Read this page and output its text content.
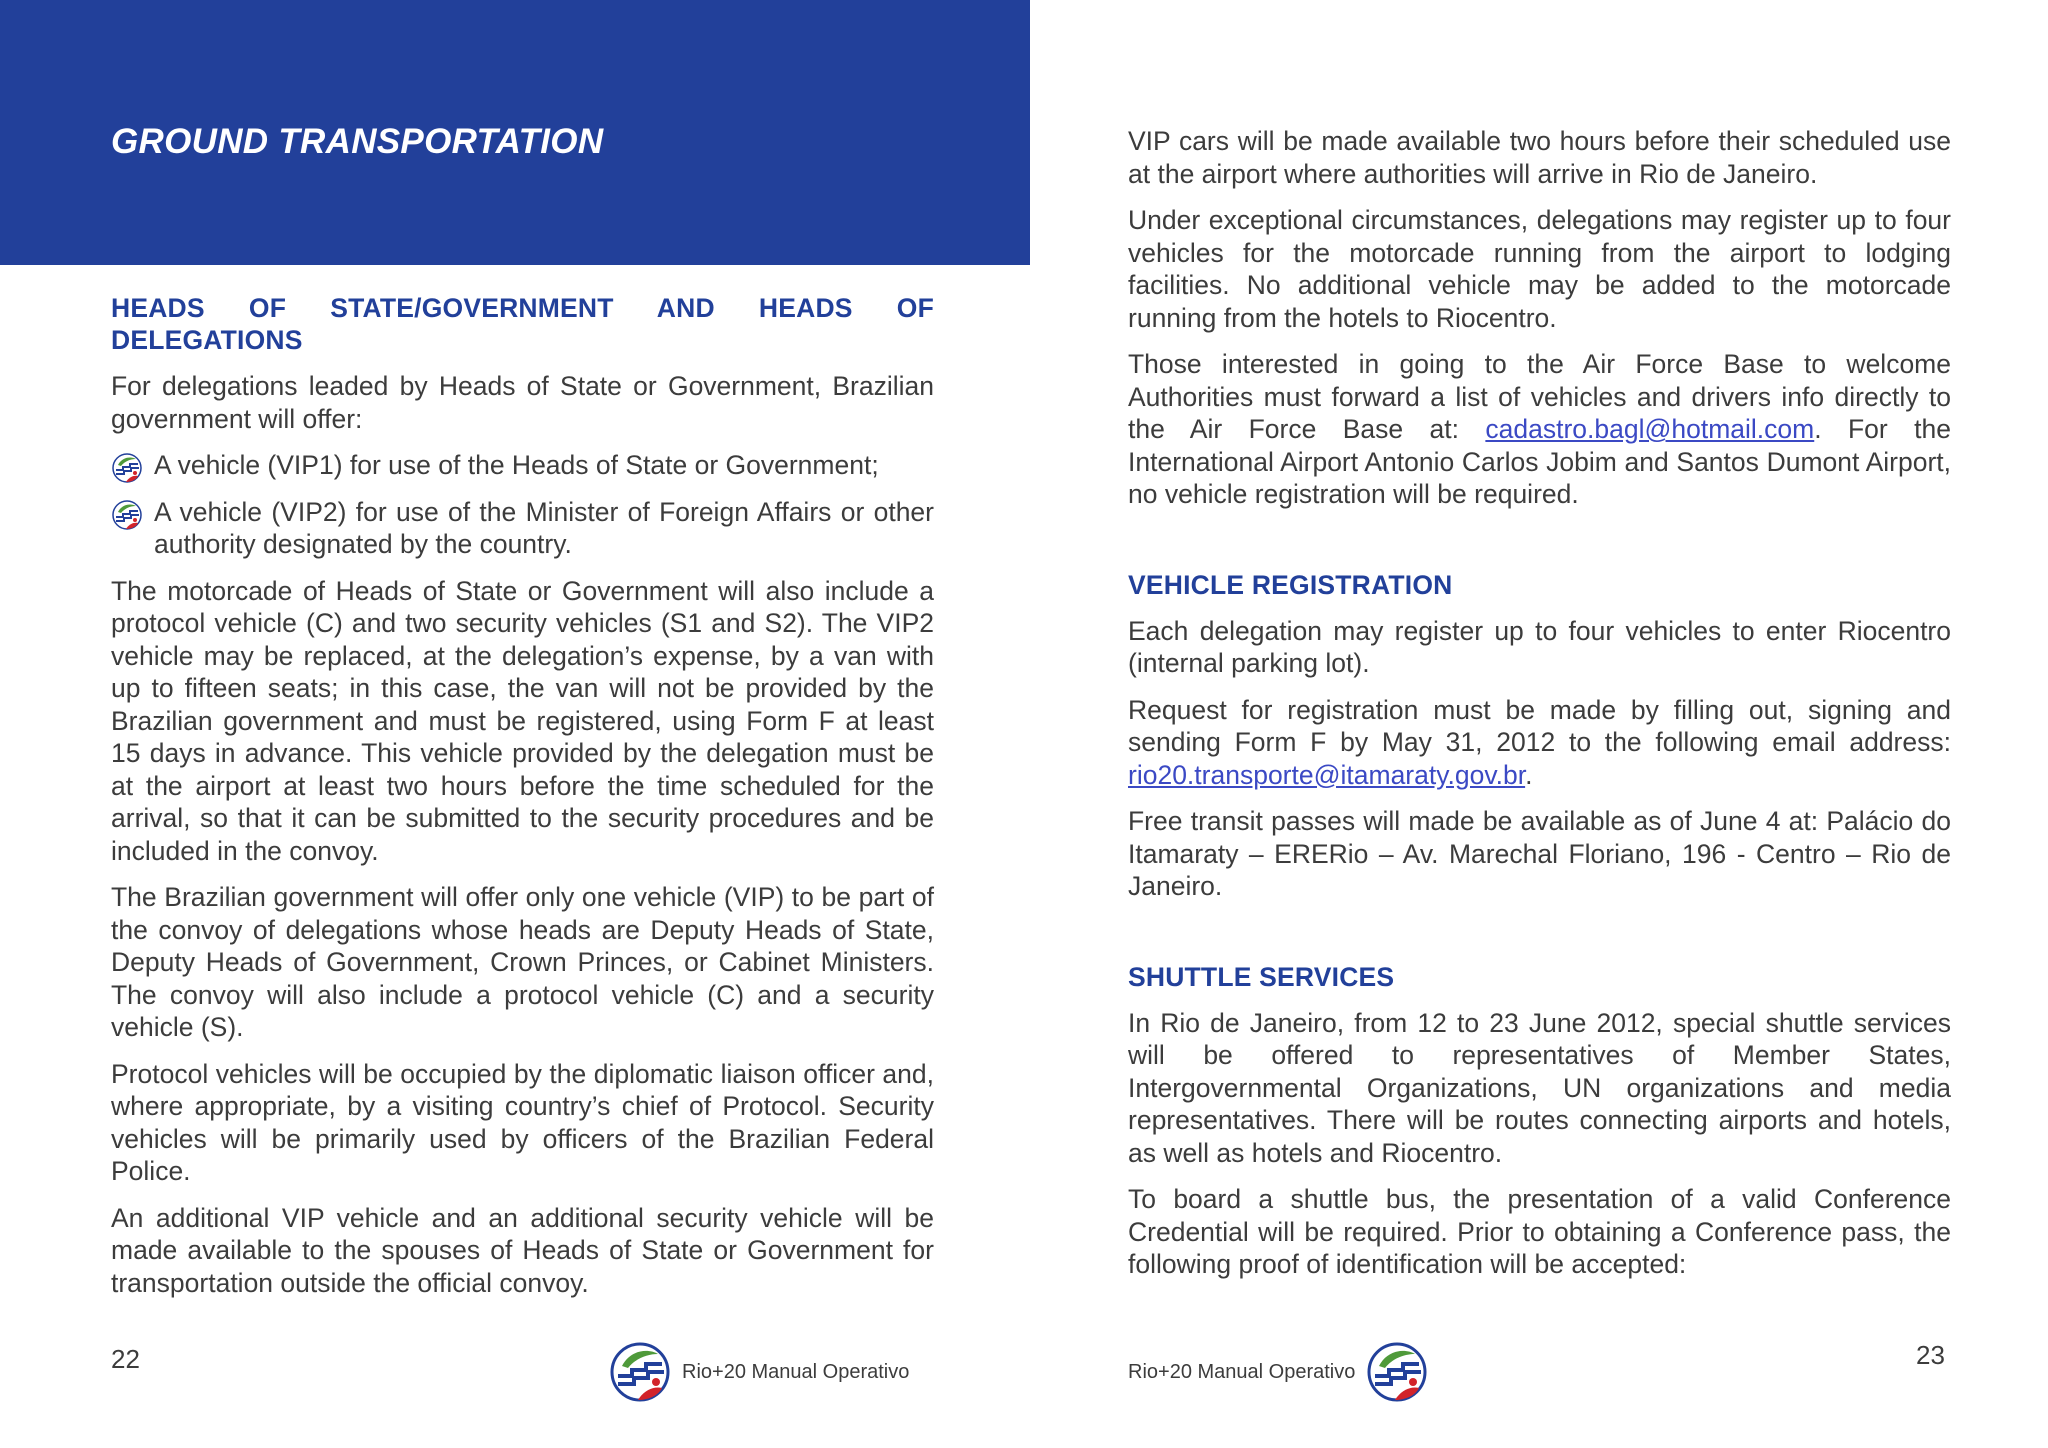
GROUND TRANSPORTATION
HEADS OF STATE/GOVERNMENT AND HEADS OF
DELEGATIONS

For delegations leaded by Heads of State or Government, Brazilian government will offer:

A vehicle (VIP1) for use of the Heads of State or Government;
A vehicle (VIP2) for use of the Minister of Foreign Affairs or other authority designated by the country.

The motorcade of Heads of State or Government will also include a protocol vehicle (C) and two security vehicles (S1 and S2). The VIP2 vehicle may be replaced, at the delegation’s expense, by a van with up to fifteen seats; in this case, the van will not be provided by the Brazilian government and must be registered, using Form F at least 15 days in advance. This vehicle provided by the delegation must be at the airport at least two hours before the time scheduled for the arrival, so that it can be submitted to the security procedures and be included in the convoy.

The Brazilian government will offer only one vehicle (VIP) to be part of the convoy of delegations whose heads are Deputy Heads of State, Deputy Heads of Government, Crown Princes, or Cabinet Ministers. The convoy will also include a protocol vehicle (C) and a security vehicle (S).

Protocol vehicles will be occupied by the diplomatic liaison officer and, where appropriate, by a visiting country’s chief of Protocol. Security vehicles will be primarily used by officers of the Brazilian Federal Police.

An additional VIP vehicle and an additional security vehicle will be made available to the spouses of Heads of State or Government for transportation outside the official convoy.

22	Rio+20 Manual Operativo

VIP cars will be made available two hours before their scheduled use at the airport where authorities will arrive in Rio de Janeiro.

Under exceptional circumstances, delegations may register up to four vehicles for the motorcade running from the airport to lodging facilities. No additional vehicle may be added to the motorcade running from the hotels to Riocentro.

Those interested in going to the Air Force Base to welcome Authorities must forward a list of vehicles and drivers info directly to the Air Force Base at: cadastro.bagl@hotmail.com. For the International Airport Antonio Carlos Jobim and Santos Dumont Airport, no vehicle registration will be required.

VEHICLE REGISTRATION

Each delegation may register up to four vehicles to enter Riocentro (internal parking lot).

Request for registration must be made by filling out, signing and sending Form F by May 31, 2012 to the following email address: rio20.transporte@itamaraty.gov.br.

Free transit passes will made be available as of June 4 at: Palácio do Itamaraty – ERERio – Av. Marechal Floriano, 196 - Centro – Rio de Janeiro.

SHUTTLE SERVICES

In Rio de Janeiro, from 12 to 23 June 2012, special shuttle services will be offered to representatives of Member States, Intergovernmental Organizations, UN organizations and media representatives. There will be routes connecting airports and hotels, as well as hotels and Riocentro.

To board a shuttle bus, the presentation of a valid Conference Credential will be required. Prior to obtaining a Conference pass, the following proof of identification will be accepted:

Rio+20 Manual Operativo

23
